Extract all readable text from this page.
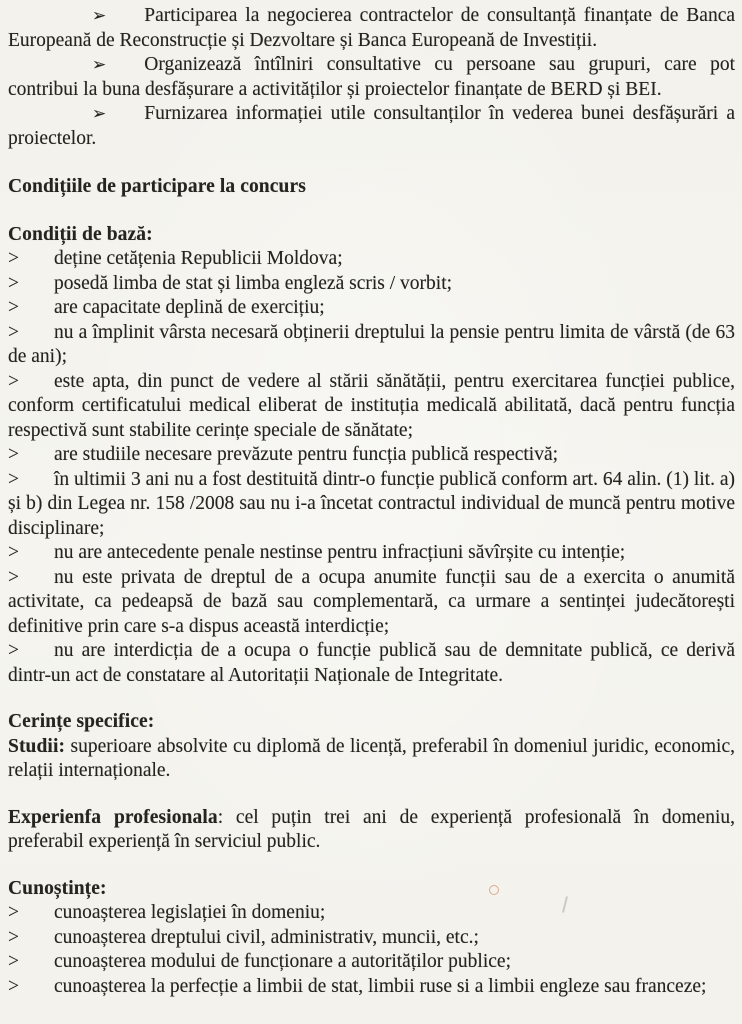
➢ Participarea la negocierea contractelor de consultanță finanțate de Banca Europeană de Reconstrucție și Dezvoltare și Banca Europeană de Investiții.

➢ Organizează întîlniri consultative cu persoane sau grupuri, care pot contribui la buna desfășurare a activităților și proiectelor finanțate de BERD și BEI.

➢ Furnizarea informației utile consultanților în vederea bunei desfășurări a proiectelor.

Condițiile de participare la concurs
Condiții de bază:

> deține cetățenia Republicii Moldova;

> posedă limba de stat și limba engleză scris / vorbit;

> are capacitate deplină de exercițiu;

> nu a împlinit vârsta necesară obținerii dreptului la pensie pentru limita de vârstă (de 63 de ani);

> este apta, din punct de vedere al stării sănătății, pentru exercitarea funcției publice, conform certificatului medical eliberat de instituția medicală abilitată, dacă pentru funcția respectivă sunt stabilite cerințe speciale de sănătate;

> are studiile necesare prevăzute pentru funcția publică respectivă;

> în ultimii 3 ani nu a fost destituită dintr-o funcție publică conform art. 64 alin. (1) lit. a) și b) din Legea nr. 158 /2008 sau nu i-a încetat contractul individual de muncă pentru motive disciplinare;

> nu are antecedente penale nestinse pentru infracțiuni săvîrșite cu intenție;

> nu este privata de dreptul de a ocupa anumite funcții sau de a exercita o anumită activitate, ca pedeapsă de bază sau complementară, ca urmare a sentinței judecătorești definitive prin care s-a dispus această interdicție;

> nu are interdicția de a ocupa o funcție publică sau de demnitate publică, ce derivă dintr-un act de constatare al Autoritații Naționale de Integritate.

Cerințe specifice:

Studii: superioare absolvite cu diplomă de licență, preferabil în domeniul juridic, economic, relații internaționale.

Experienfa profesionala: cel puțin trei ani de experiență profesională în domeniu, preferabil experiență în serviciul public.

Cunoștințe:

> cunoașterea legislației în domeniu;

> cunoașterea dreptului civil, administrativ, muncii, etc.;

> cunoașterea modului de funcționare a autorităților publice;

> cunoașterea la perfecție a limbii de stat, limbii ruse si a limbii engleze sau franceze;
